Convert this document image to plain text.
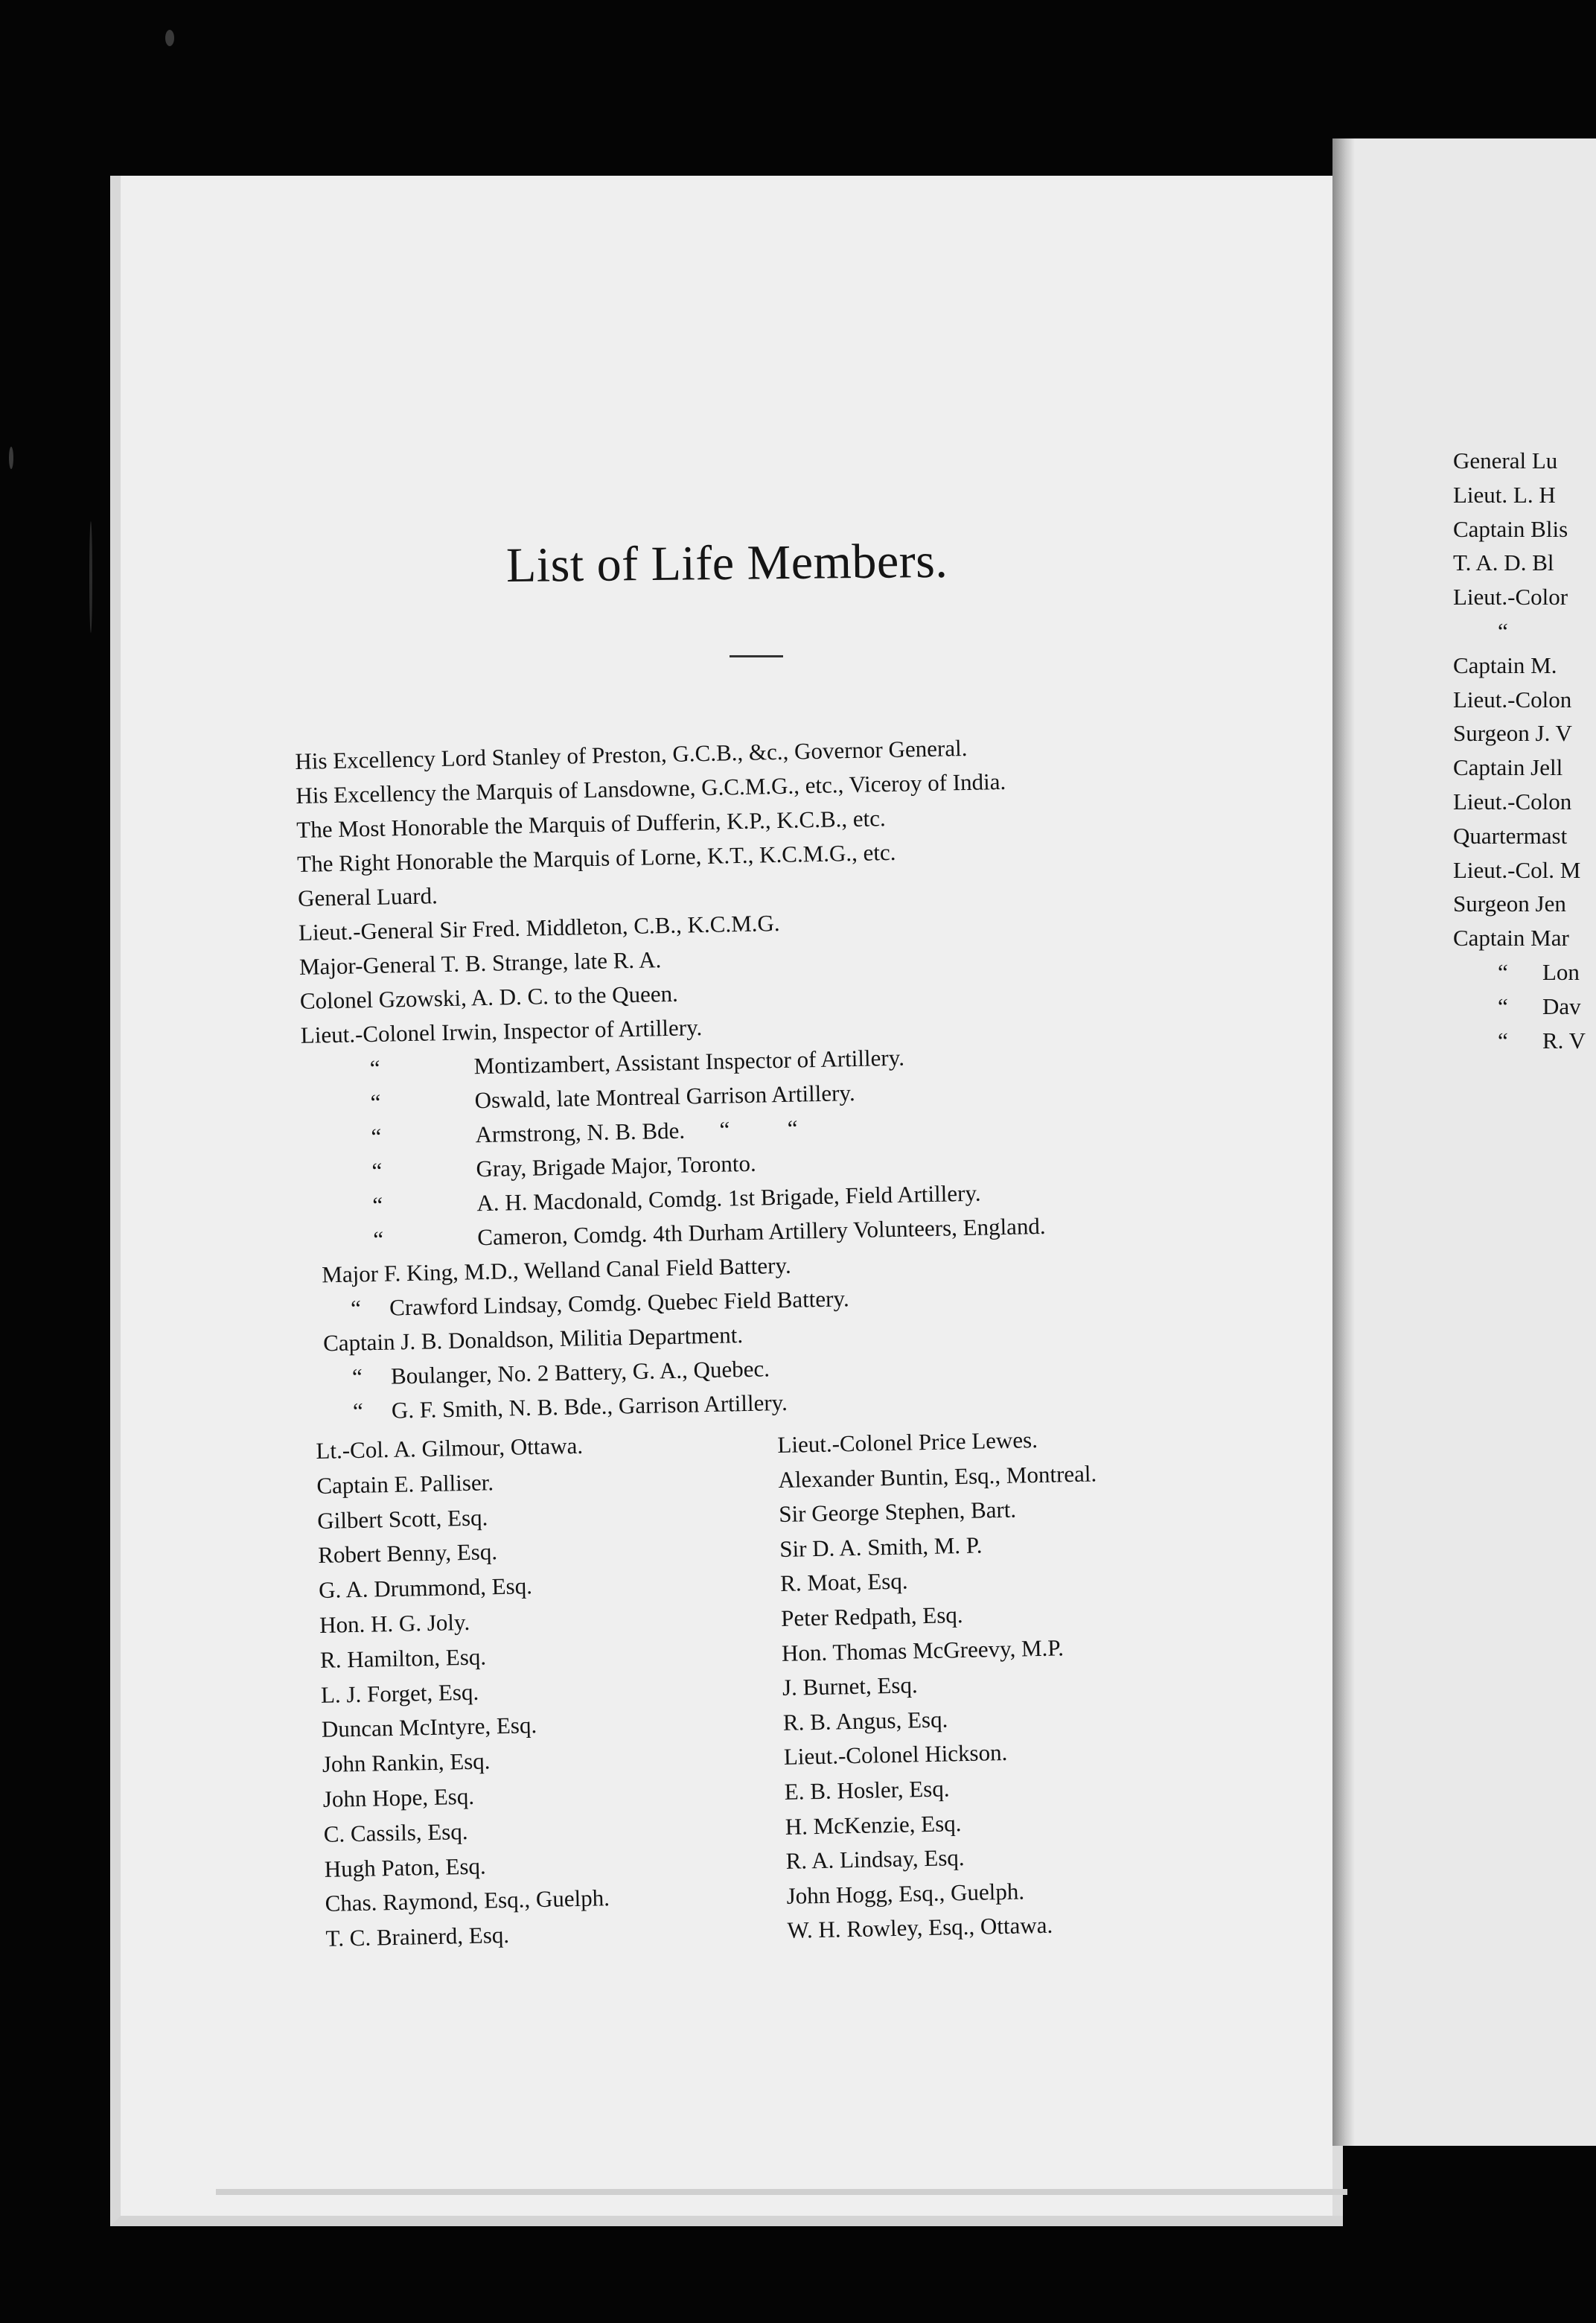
List of Life Members.
His Excellency Lord Stanley of Preston, G.C.B., &c., Governor General.
His Excellency the Marquis of Lansdowne, G.C.M.G., etc., Viceroy of India.
The Most Honorable the Marquis of Dufferin, K.P., K.C.B., etc.
The Right Honorable the Marquis of Lorne, K.T., K.C.M.G., etc.
General Luard.
Lieut.-General Sir Fred. Middleton, C.B., K.C.M.G.
Major-General T. B. Strange, late R. A.
Colonel Gzowski, A. D. C. to the Queen.
Lieut.-Colonel Irwin, Inspector of Artillery.
“	Montizambert, Assistant Inspector of Artillery.
“	Oswald, late Montreal Garrison Artillery.
“	Armstrong, N. B. Bde.      “          “
“	Gray, Brigade Major, Toronto.
“	A. H. Macdonald, Comdg. 1st Brigade, Field Artillery.
“	Cameron, Comdg. 4th Durham Artillery Volunteers, England.
Major F. King, M.D., Welland Canal Field Battery.
“ Crawford Lindsay, Comdg. Quebec Field Battery.
Captain J. B. Donaldson, Militia Department.
“ Boulanger, No. 2 Battery, G. A., Quebec.
“ G. F. Smith, N. B. Bde., Garrison Artillery.
Lt.-Col. A. Gilmour, Ottawa.
Captain E. Palliser.
Gilbert Scott, Esq.
Robert Benny, Esq.
G. A. Drummond, Esq.
Hon. H. G. Joly.
R. Hamilton, Esq.
L. J. Forget, Esq.
Duncan McIntyre, Esq.
John Rankin, Esq.
John Hope, Esq.
C. Cassils, Esq.
Hugh Paton, Esq.
Chas. Raymond, Esq., Guelph.
T. C. Brainerd, Esq.
Lieut.-Colonel Price Lewes.
Alexander Buntin, Esq., Montreal.
Sir George Stephen, Bart.
Sir D. A. Smith, M. P.
R. Moat, Esq.
Peter Redpath, Esq.
Hon. Thomas McGreevy, M.P.
J. Burnet, Esq.
R. B. Angus, Esq.
Lieut.-Colonel Hickson.
E. B. Hosler, Esq.
H. McKenzie, Esq.
R. A. Lindsay, Esq.
John Hogg, Esq., Guelph.
W. H. Rowley, Esq., Ottawa.
General Lu
Lieut. L. H
Captain Blis
T. A. D. Bl
Lieut.-Color
“
Captain M.
Lieut.-Colon
Surgeon J. V
Captain Jell
Lieut.-Colon
Quartermast
Lieut.-Col. M
Surgeon Jen
Captain Mar
“ Lon
“ Dav
“ R. V
